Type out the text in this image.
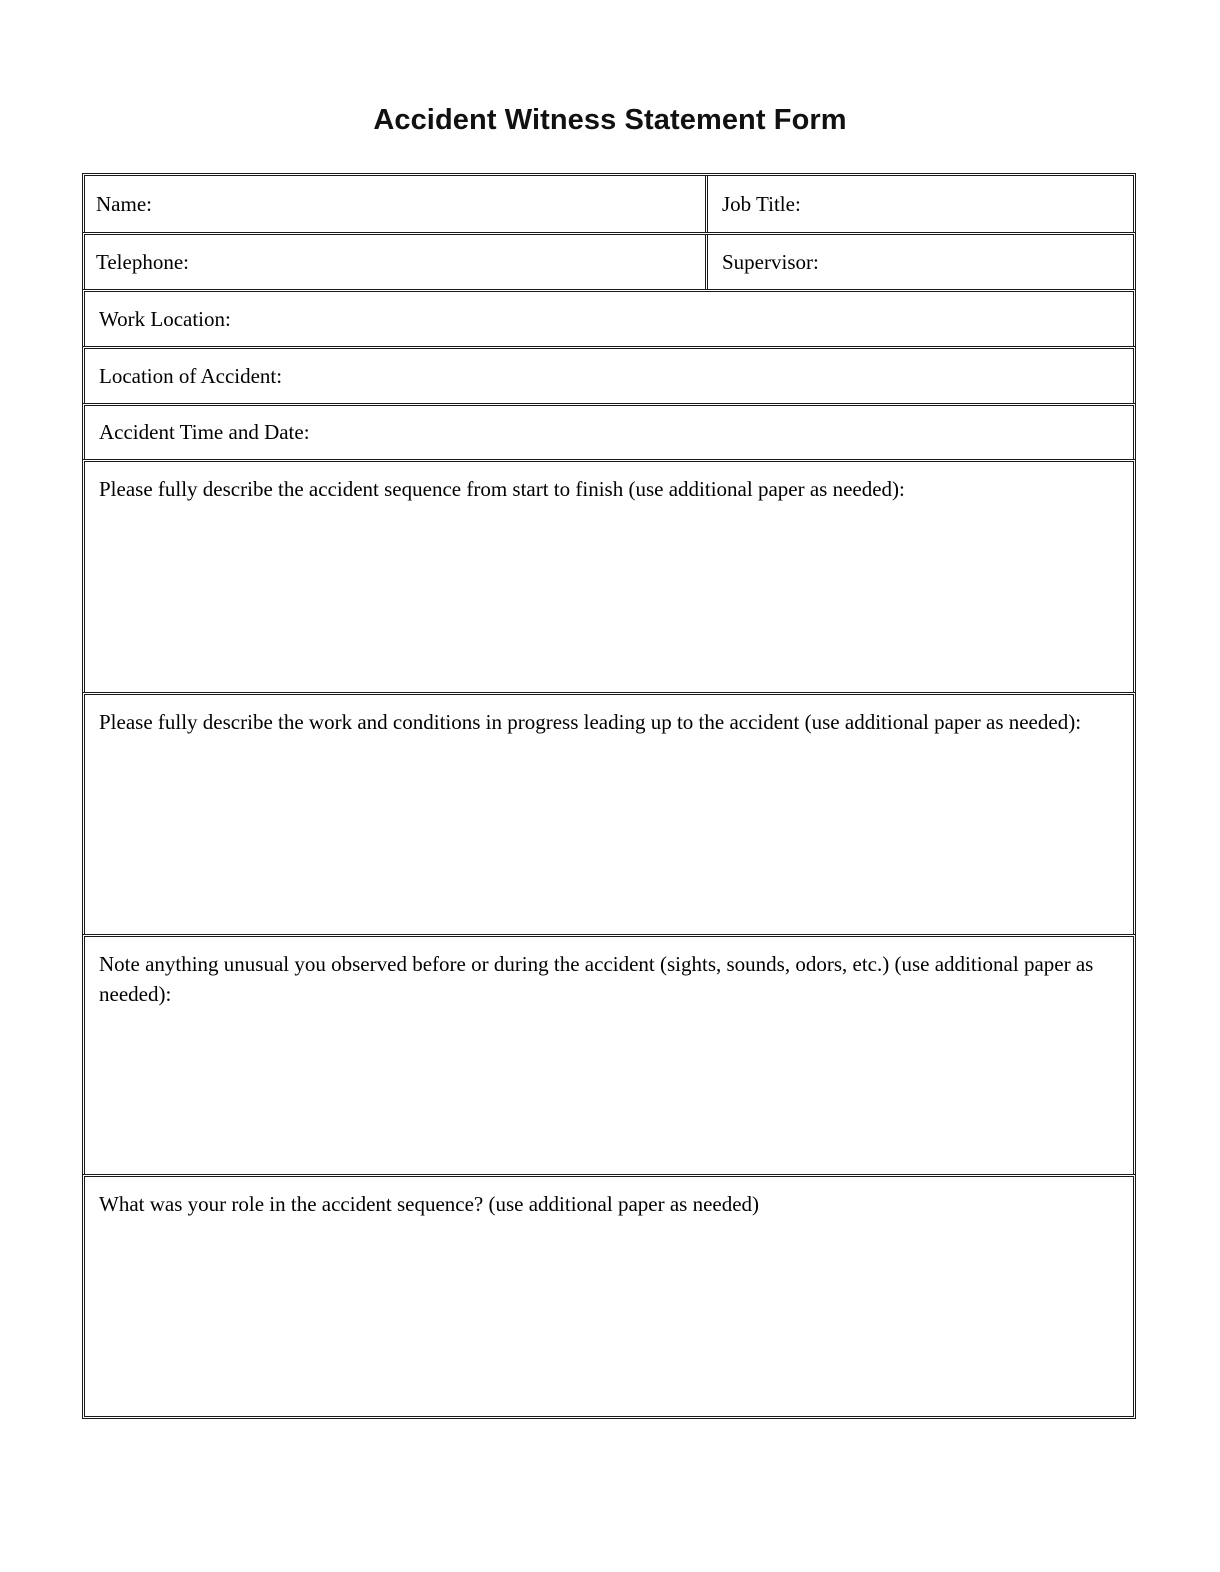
Accident Witness Statement Form
Name:	Job Title:
Telephone:	Supervisor:
Work Location:
Location of Accident:
Accident Time and Date:
Please fully describe the accident sequence from start to finish (use additional paper as needed):
Please fully describe the work and conditions in progress leading up to the accident (use additional paper as needed):
Note anything unusual you observed before or during the accident (sights, sounds, odors, etc.) (use additional paper as needed):
What was your role in the accident sequence? (use additional paper as needed)
